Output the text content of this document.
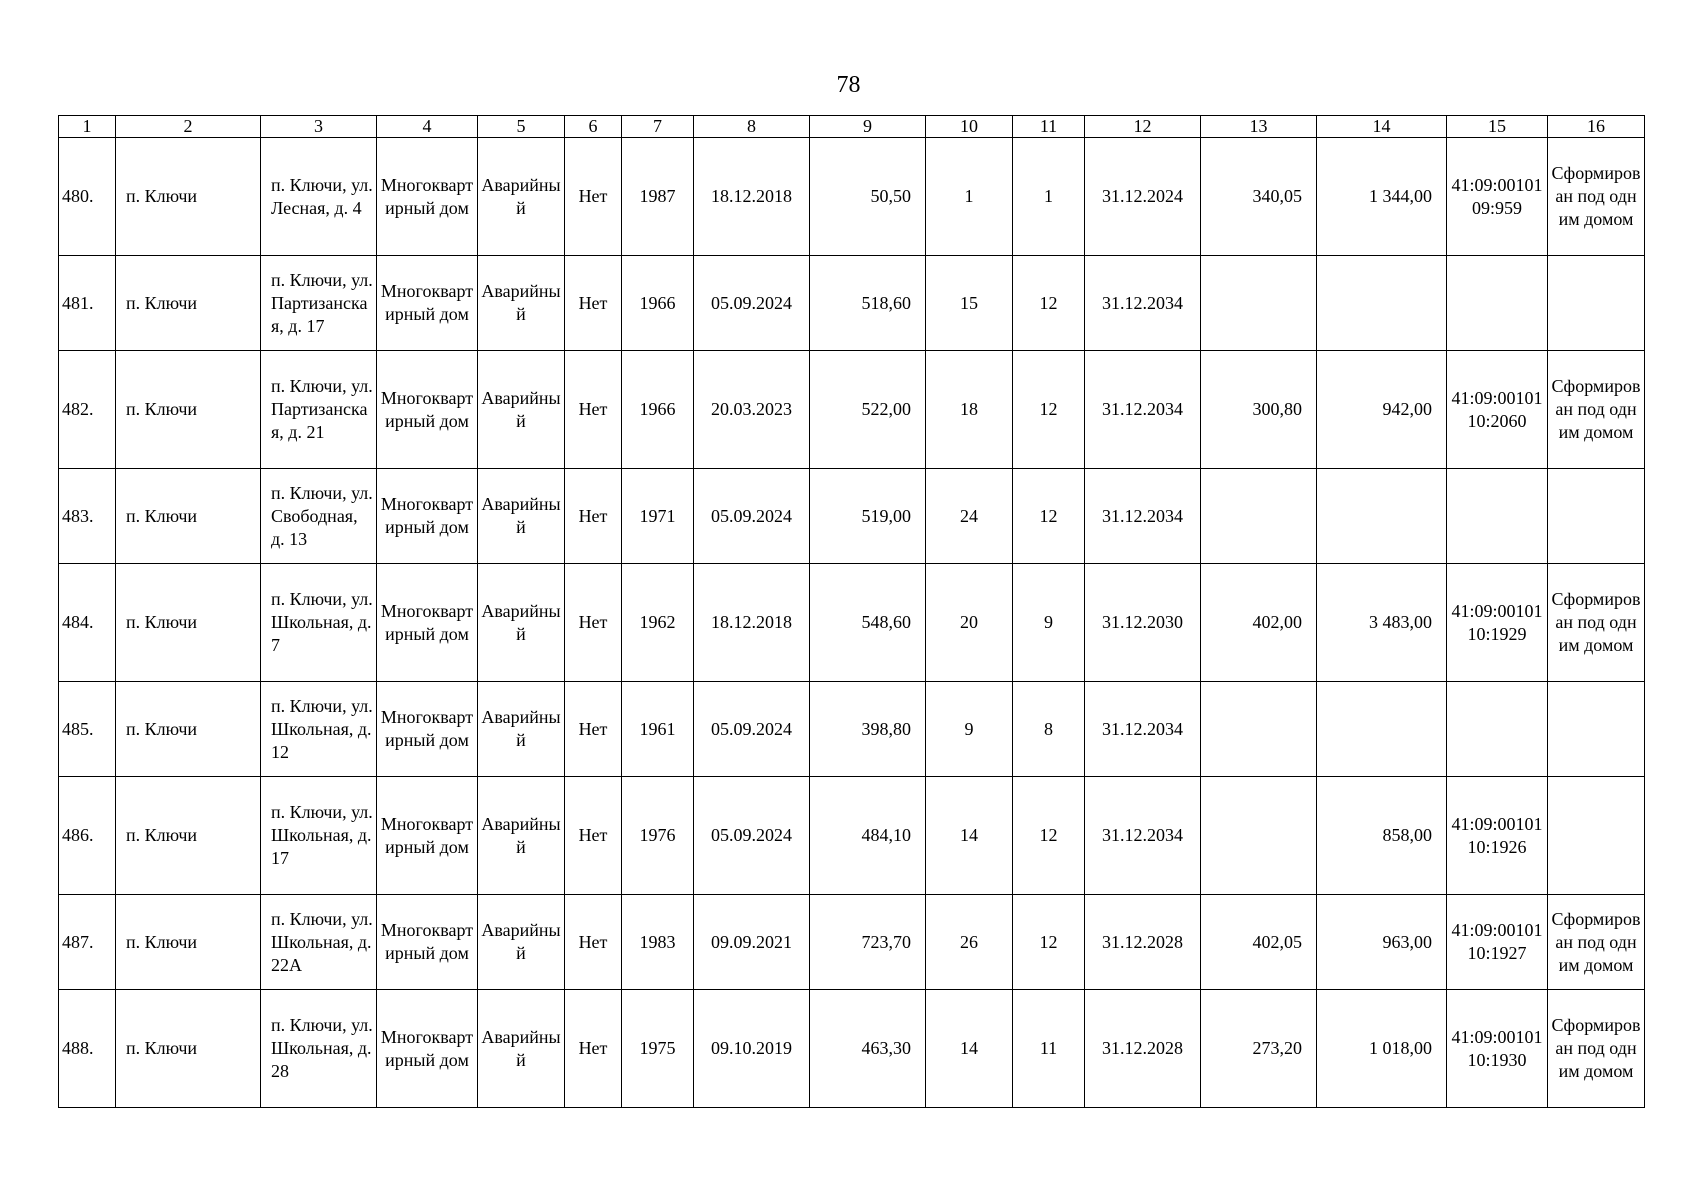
78
1	2	3	4	5	6	7	8	9	10	11	12	13	14	15	16
480.	п. Ключи	п. Ключи, ул. Лесная, д. 4	Многоквартирный дом	Аварийный	Нет	1987	18.12.2018	50,50	1	1	31.12.2024	340,05	1 344,00	41:09:0010109:959	Сформирован под одним домом
481.	п. Ключи	п. Ключи, ул. Партизанская, д. 17	Многоквартирный дом	Аварийный	Нет	1966	05.09.2024	518,60	15	12	31.12.2034				
482.	п. Ключи	п. Ключи, ул. Партизанская, д. 21	Многоквартирный дом	Аварийный	Нет	1966	20.03.2023	522,00	18	12	31.12.2034	300,80	942,00	41:09:0010110:2060	Сформирован под одним домом
483.	п. Ключи	п. Ключи, ул. Свободная, д. 13	Многоквартирный дом	Аварийный	Нет	1971	05.09.2024	519,00	24	12	31.12.2034				
484.	п. Ключи	п. Ключи, ул. Школьная, д. 7	Многоквартирный дом	Аварийный	Нет	1962	18.12.2018	548,60	20	9	31.12.2030	402,00	3 483,00	41:09:0010110:1929	Сформирован под одним домом
485.	п. Ключи	п. Ключи, ул. Школьная, д. 12	Многоквартирный дом	Аварийный	Нет	1961	05.09.2024	398,80	9	8	31.12.2034				
486.	п. Ключи	п. Ключи, ул. Школьная, д. 17	Многоквартирный дом	Аварийный	Нет	1976	05.09.2024	484,10	14	12	31.12.2034		858,00	41:09:0010110:1926	
487.	п. Ключи	п. Ключи, ул. Школьная, д. 22А	Многоквартирный дом	Аварийный	Нет	1983	09.09.2021	723,70	26	12	31.12.2028	402,05	963,00	41:09:0010110:1927	Сформирован под одним домом
488.	п. Ключи	п. Ключи, ул. Школьная, д. 28	Многоквартирный дом	Аварийный	Нет	1975	09.10.2019	463,30	14	11	31.12.2028	273,20	1 018,00	41:09:0010110:1930	Сформирован под одним домом
